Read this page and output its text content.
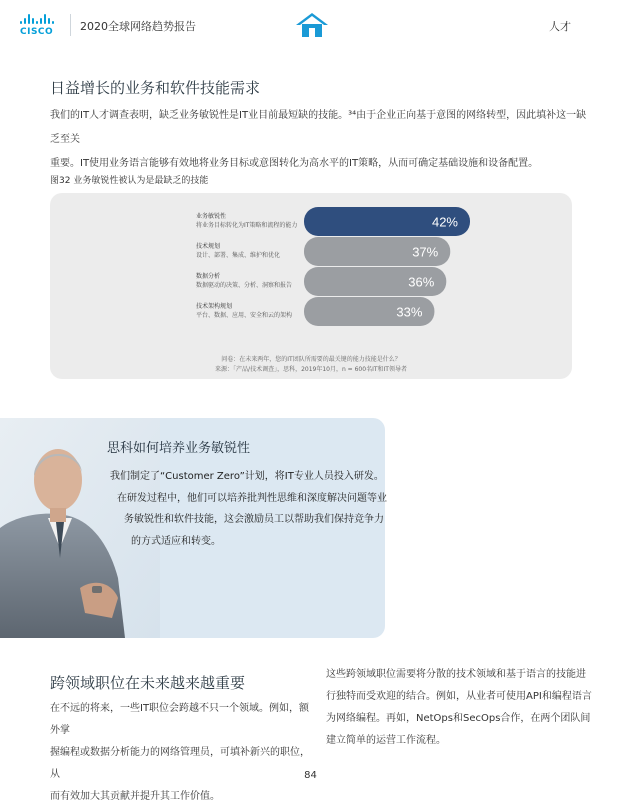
CISCO	2020全球网络趋势报告	人才
日益增长的业务和软件技能需求
我们的IT人才调查表明，缺乏业务敏锐性是IT业目前最短缺的技能。³⁴由于企业正向基于意图的网络转型，因此填补这一缺乏至关
重要。IT使用业务语言能够有效地将业务目标或意图转化为高水平的IT策略，从而可确定基础设施和设备配置。
图32 业务敏锐性被认为是最缺乏的技能
42%
业务敏锐性
将业务目标转化为IT策略和流程的能力
37%
技术规划
设计、部署、集成、维护和优化
36%
数据分析
数据驱动的决策、分析、洞察和报告
33%
技术架构规划
平台、数据、应用、安全和云的架构
问卷：在未来两年，您的IT团队所需要的最关键的能力技能是什么？
来源：「产品/技术调查」，思科，2019年10月，n = 600名IT和IT领导者
思科如何培养业务敏锐性
我们制定了“Customer Zero”计划，将IT专业人员投入研发。
在研发过程中，他们可以培养批判性思维和深度解决问题等业
务敏锐性和软件技能，这会激励员工以帮助我们保持竞争力
的方式适应和转变。
跨领域职位在未来越来越重要
在不远的将来，一些IT职位会跨越不只一个领域。例如，额外掌
握编程或数据分析能力的网络管理员，可填补新兴的职位，从
而有效加大其贡献并提升其工作价值。
这些跨领域职位需要将分散的技术领域和基于语言的技能进
行独特而受欢迎的结合。例如，从业者可使用API和编程语言
为网络编程。再如，NetOps和SecOps合作，在两个团队间
建立简单的运营工作流程。
84
